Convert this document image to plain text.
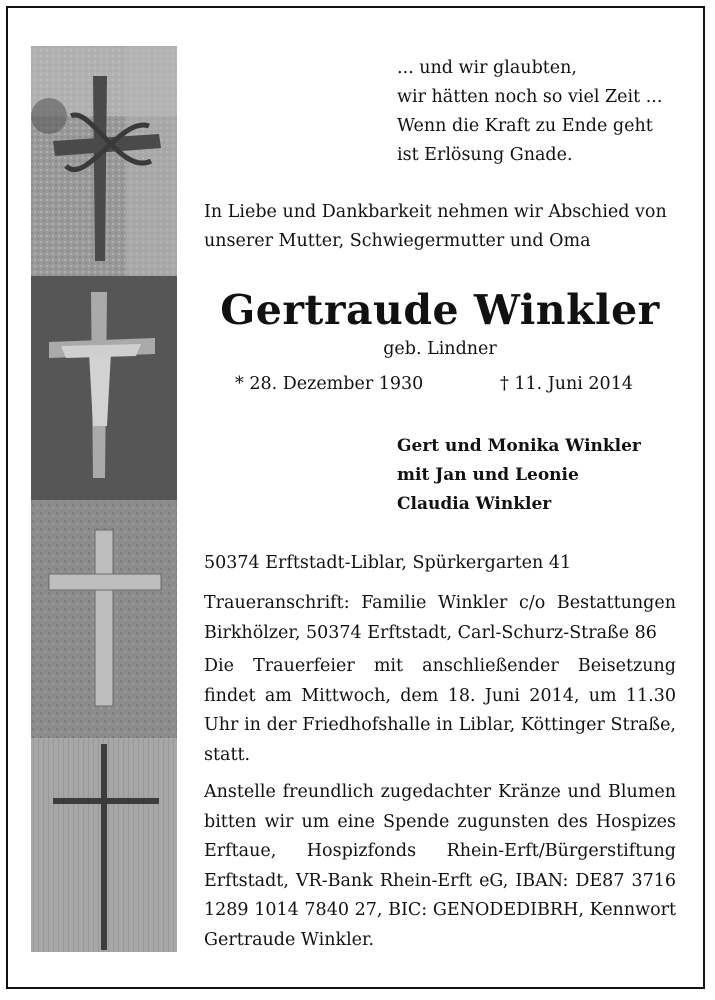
... und wir glaubten,
wir hätten noch so viel Zeit ...
Wenn die Kraft zu Ende geht
ist Erlösung Gnade.
In Liebe und Dankbarkeit nehmen wir Abschied von
unserer Mutter, Schwiegermutter und Oma
Gertraude Winkler
geb. Lindner
* 28. Dezember 1930	† 11. Juni 2014
Gert und Monika Winkler
mit Jan und Leonie
Claudia Winkler
50374 Erftstadt-Liblar, Spürkergarten 41
Traueranschrift: Familie Winkler c/o Bestattungen Birkhölzer, 50374 Erftstadt, Carl-Schurz-Straße 86
Die Trauerfeier mit anschließender Beisetzung findet am Mittwoch, dem 18. Juni 2014, um 11.30 Uhr in der Friedhofshalle in Liblar, Köttinger Straße, statt.
Anstelle freundlich zugedachter Kränze und Blumen bitten wir um eine Spende zugunsten des Hospizes Erftaue, Hospizfonds Rhein-Erft/Bürgerstiftung Erftstadt, VR-Bank Rhein-Erft eG, IBAN: DE87 3716 1289 1014 7840 27, BIC: GENODEDIBRH, Kennwort Gertraude Winkler.
